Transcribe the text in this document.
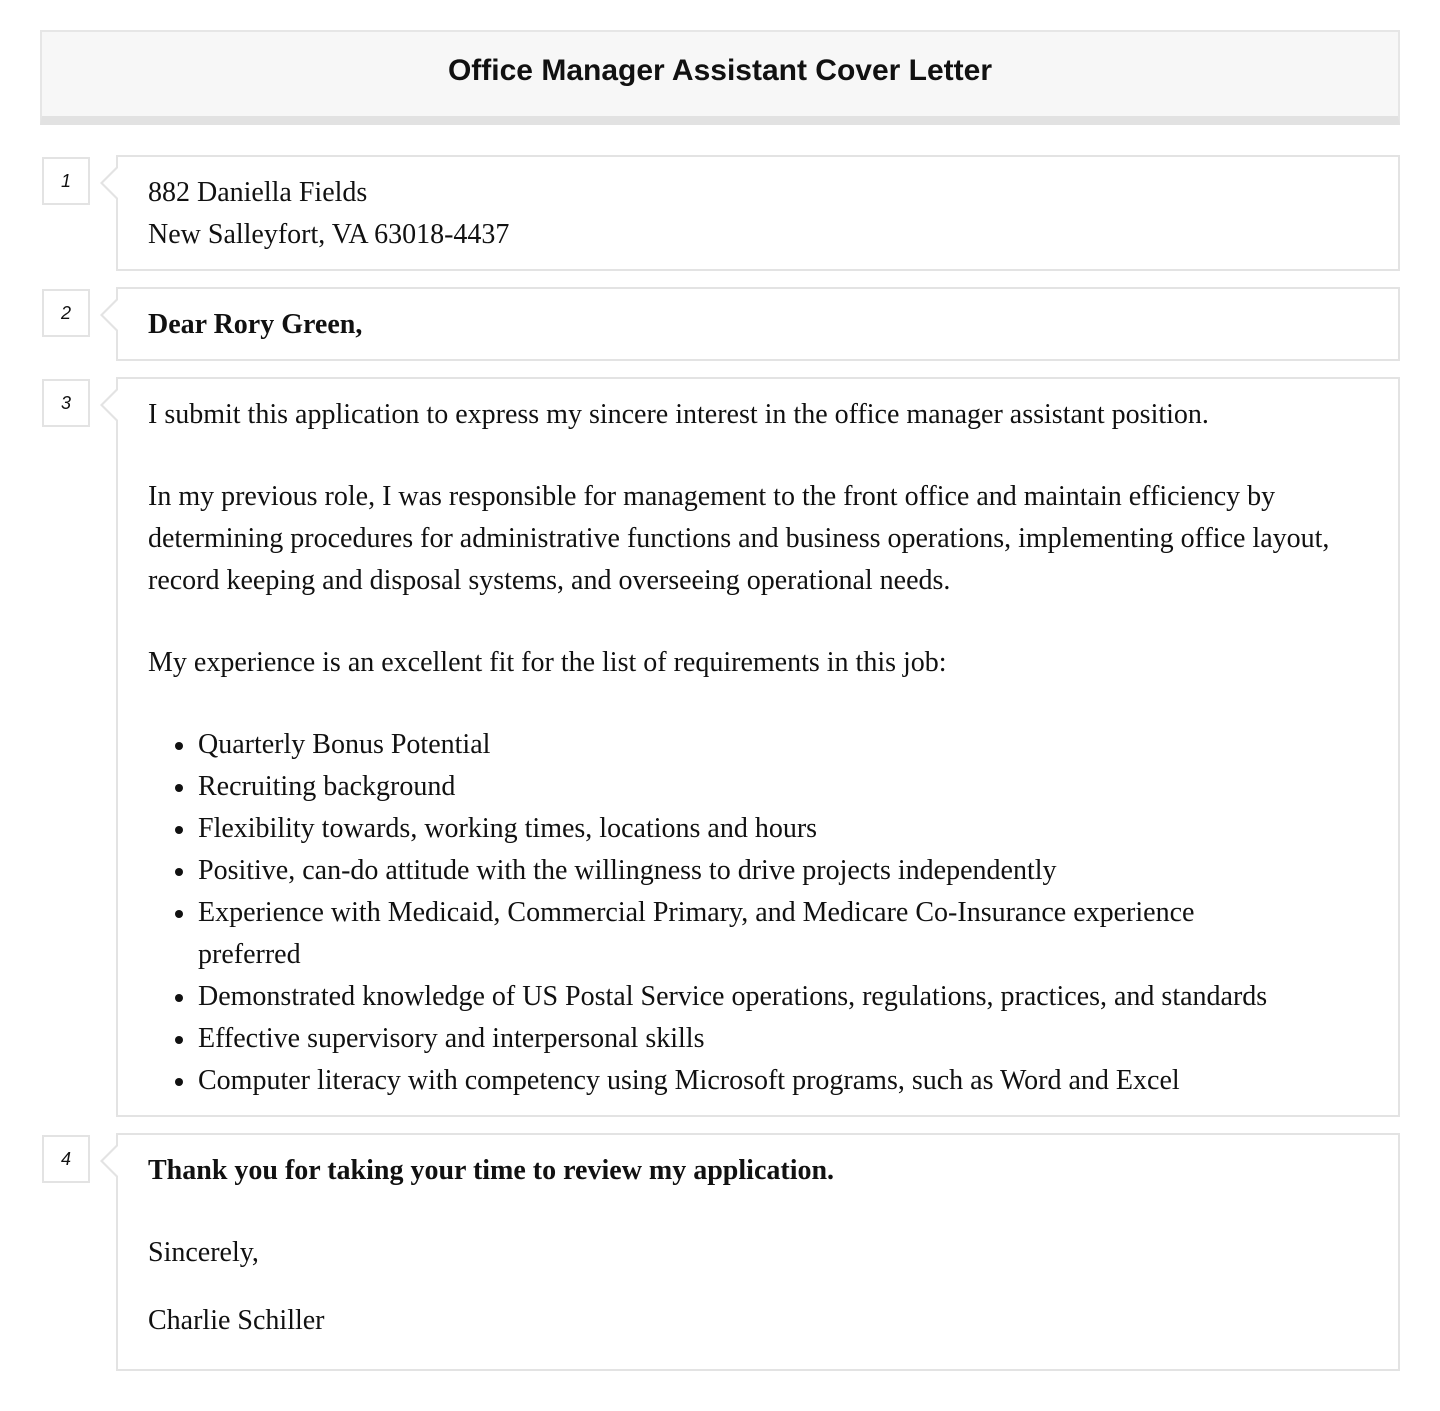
Office Manager Assistant Cover Letter
1	882 Daniella Fields
New Salleyfort, VA 63018-4437
2	Dear Rory Green,
3	I submit this application to express my sincere interest in the office manager assistant position.
In my previous role, I was responsible for management to the front office and maintain efficiency by determining procedures for administrative functions and business operations, implementing office layout, record keeping and disposal systems, and overseeing operational needs.
My experience is an excellent fit for the list of requirements in this job:
Quarterly Bonus Potential
Recruiting background
Flexibility towards, working times, locations and hours
Positive, can-do attitude with the willingness to drive projects independently
Experience with Medicaid, Commercial Primary, and Medicare Co-Insurance experience preferred
Demonstrated knowledge of US Postal Service operations, regulations, practices, and standards
Effective supervisory and interpersonal skills
Computer literacy with competency using Microsoft programs, such as Word and Excel
4	Thank you for taking your time to review my application.
Sincerely,
Charlie Schiller
